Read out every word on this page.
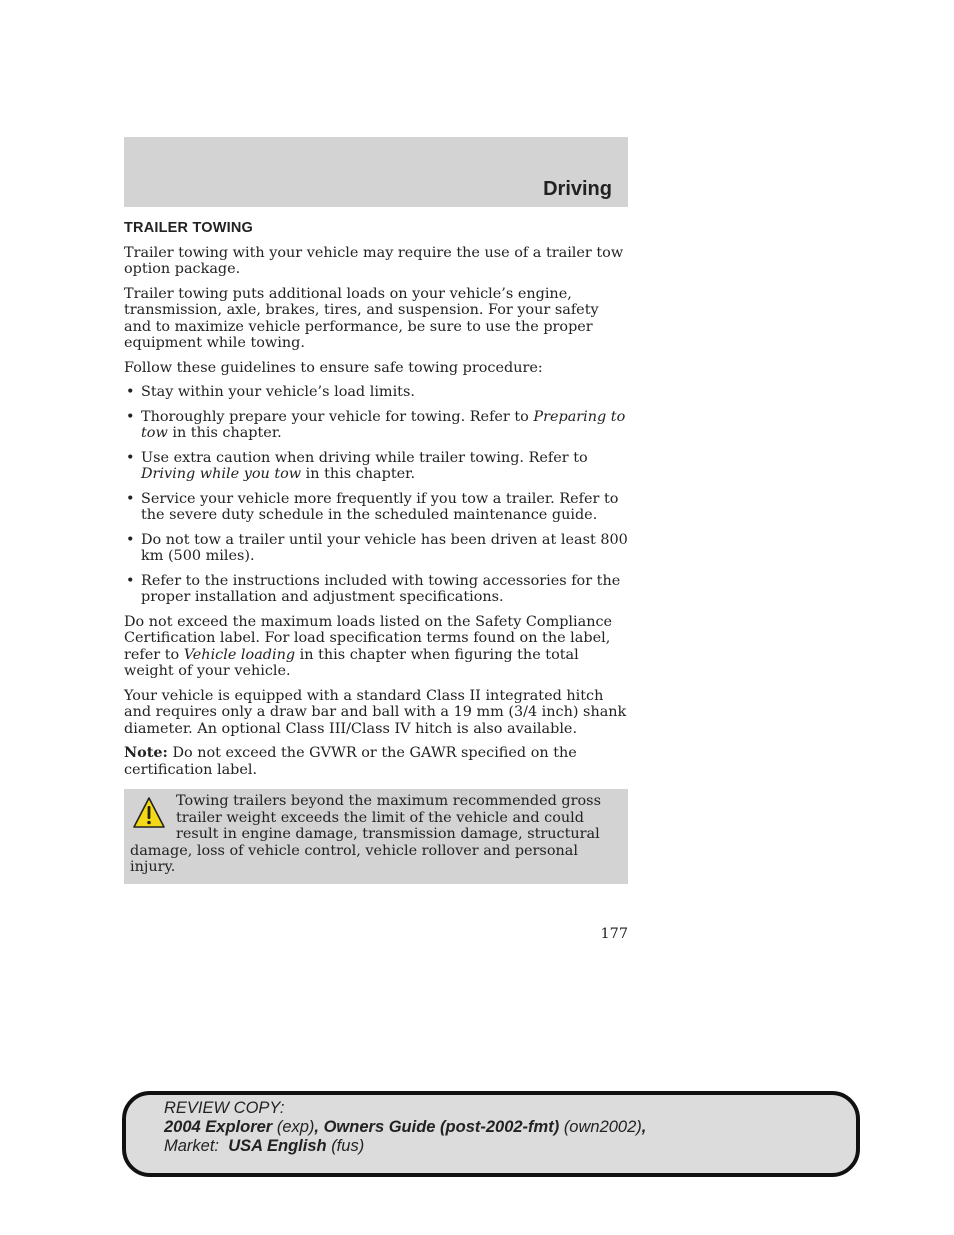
Driving
TRAILER TOWING

Trailer towing with your vehicle may require the use of a trailer tow option package.

Trailer towing puts additional loads on your vehicle’s engine, transmission, axle, brakes, tires, and suspension. For your safety and to maximize vehicle performance, be sure to use the proper equipment while towing.

Follow these guidelines to ensure safe towing procedure:

• Stay within your vehicle’s load limits.
• Thoroughly prepare your vehicle for towing. Refer to Preparing to tow in this chapter.
• Use extra caution when driving while trailer towing. Refer to Driving while you tow in this chapter.
• Service your vehicle more frequently if you tow a trailer. Refer to the severe duty schedule in the scheduled maintenance guide.
• Do not tow a trailer until your vehicle has been driven at least 800 km (500 miles).
• Refer to the instructions included with towing accessories for the proper installation and adjustment specifications.

Do not exceed the maximum loads listed on the Safety Compliance Certification label. For load specification terms found on the label, refer to Vehicle loading in this chapter when figuring the total weight of your vehicle.

Your vehicle is equipped with a standard Class II integrated hitch and requires only a draw bar and ball with a 19 mm (3/4 inch) shank diameter. An optional Class III/Class IV hitch is also available.

Note: Do not exceed the GVWR or the GAWR specified on the certification label.

Towing trailers beyond the maximum recommended gross trailer weight exceeds the limit of the vehicle and could result in engine damage, transmission damage, structural damage, loss of vehicle control, vehicle rollover and personal injury.
177
REVIEW COPY:
2004 Explorer (exp), Owners Guide (post-2002-fmt) (own2002),
Market: USA English (fus)
